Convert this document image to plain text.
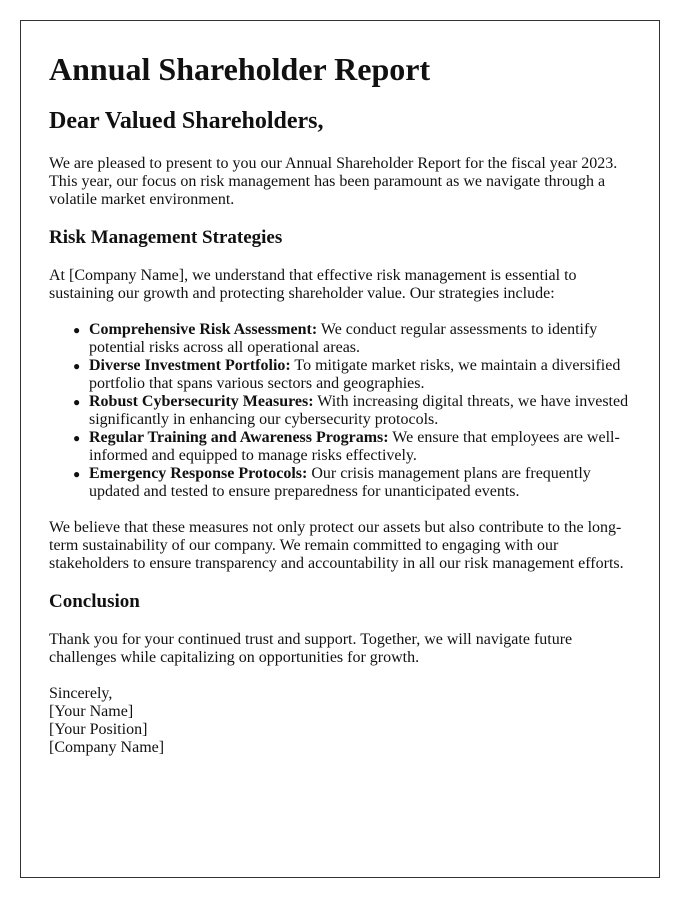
Annual Shareholder Report
Dear Valued Shareholders,

We are pleased to present to you our Annual Shareholder Report for the fiscal year 2023. This year, our focus on risk management has been paramount as we navigate through a volatile market environment.

Risk Management Strategies

At [Company Name], we understand that effective risk management is essential to sustaining our growth and protecting shareholder value. Our strategies include:

● Comprehensive Risk Assessment: We conduct regular assessments to identify potential risks across all operational areas.
● Diverse Investment Portfolio: To mitigate market risks, we maintain a diversified portfolio that spans various sectors and geographies.
● Robust Cybersecurity Measures: With increasing digital threats, we have invested significantly in enhancing our cybersecurity protocols.
● Regular Training and Awareness Programs: We ensure that employees are well-informed and equipped to manage risks effectively.
● Emergency Response Protocols: Our crisis management plans are frequently updated and tested to ensure preparedness for unanticipated events.

We believe that these measures not only protect our assets but also contribute to the long-term sustainability of our company. We remain committed to engaging with our stakeholders to ensure transparency and accountability in all our risk management efforts.

Conclusion

Thank you for your continued trust and support. Together, we will navigate future challenges while capitalizing on opportunities for growth.

Sincerely,
[Your Name]
[Your Position]
[Company Name]
